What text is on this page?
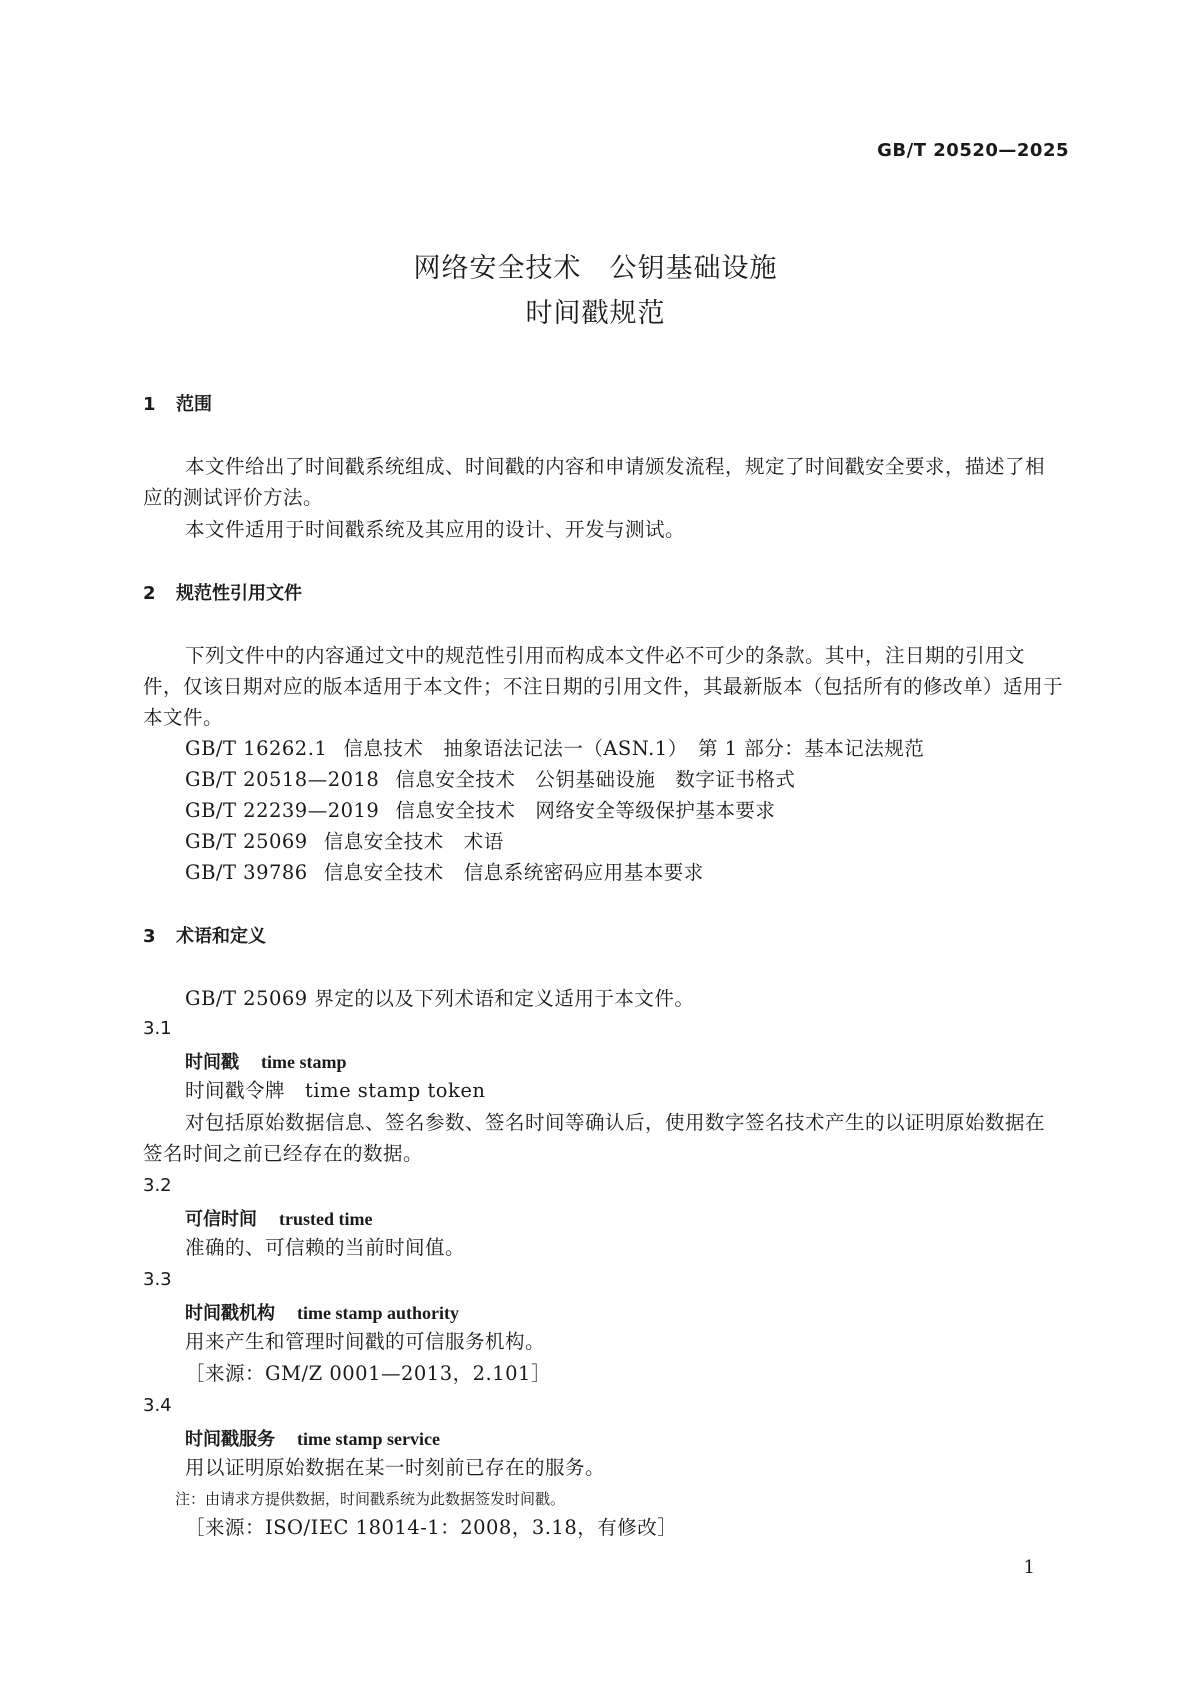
GB/T 20520—2025
网络安全技术　公钥基础设施
时间戳规范
1 范围
本文件给出了时间戳系统组成、时间戳的内容和申请颁发流程，规定了时间戳安全要求，描述了相
应的测试评价方法。
本文件适用于时间戳系统及其应用的设计、开发与测试。
2 规范性引用文件
下列文件中的内容通过文中的规范性引用而构成本文件必不可少的条款。其中，注日期的引用文
件，仅该日期对应的版本适用于本文件；不注日期的引用文件，其最新版本（包括所有的修改单）适用于
本文件。
GB/T 16262.1 信息技术　抽象语法记法一（ASN.1）　第 1 部分：基本记法规范
GB/T 20518—2018 信息安全技术　公钥基础设施　数字证书格式
GB/T 22239—2019 信息安全技术　网络安全等级保护基本要求
GB/T 25069 信息安全技术　术语
GB/T 39786 信息安全技术　信息系统密码应用基本要求
3 术语和定义
GB/T 25069 界定的以及下列术语和定义适用于本文件。
3.1
时间戳 time stamp
时间戳令牌　time stamp token
对包括原始数据信息、签名参数、签名时间等确认后，使用数字签名技术产生的以证明原始数据在
签名时间之前已经存在的数据。
3.2
可信时间 trusted time
准确的、可信赖的当前时间值。
3.3
时间戳机构 time stamp authority
用来产生和管理时间戳的可信服务机构。
［来源：GM/Z 0001—2013，2.101］
3.4
时间戳服务 time stamp service
用以证明原始数据在某一时刻前已存在的服务。
注：由请求方提供数据，时间戳系统为此数据签发时间戳。
［来源：ISO/IEC 18014-1：2008，3.18，有修改］
1
